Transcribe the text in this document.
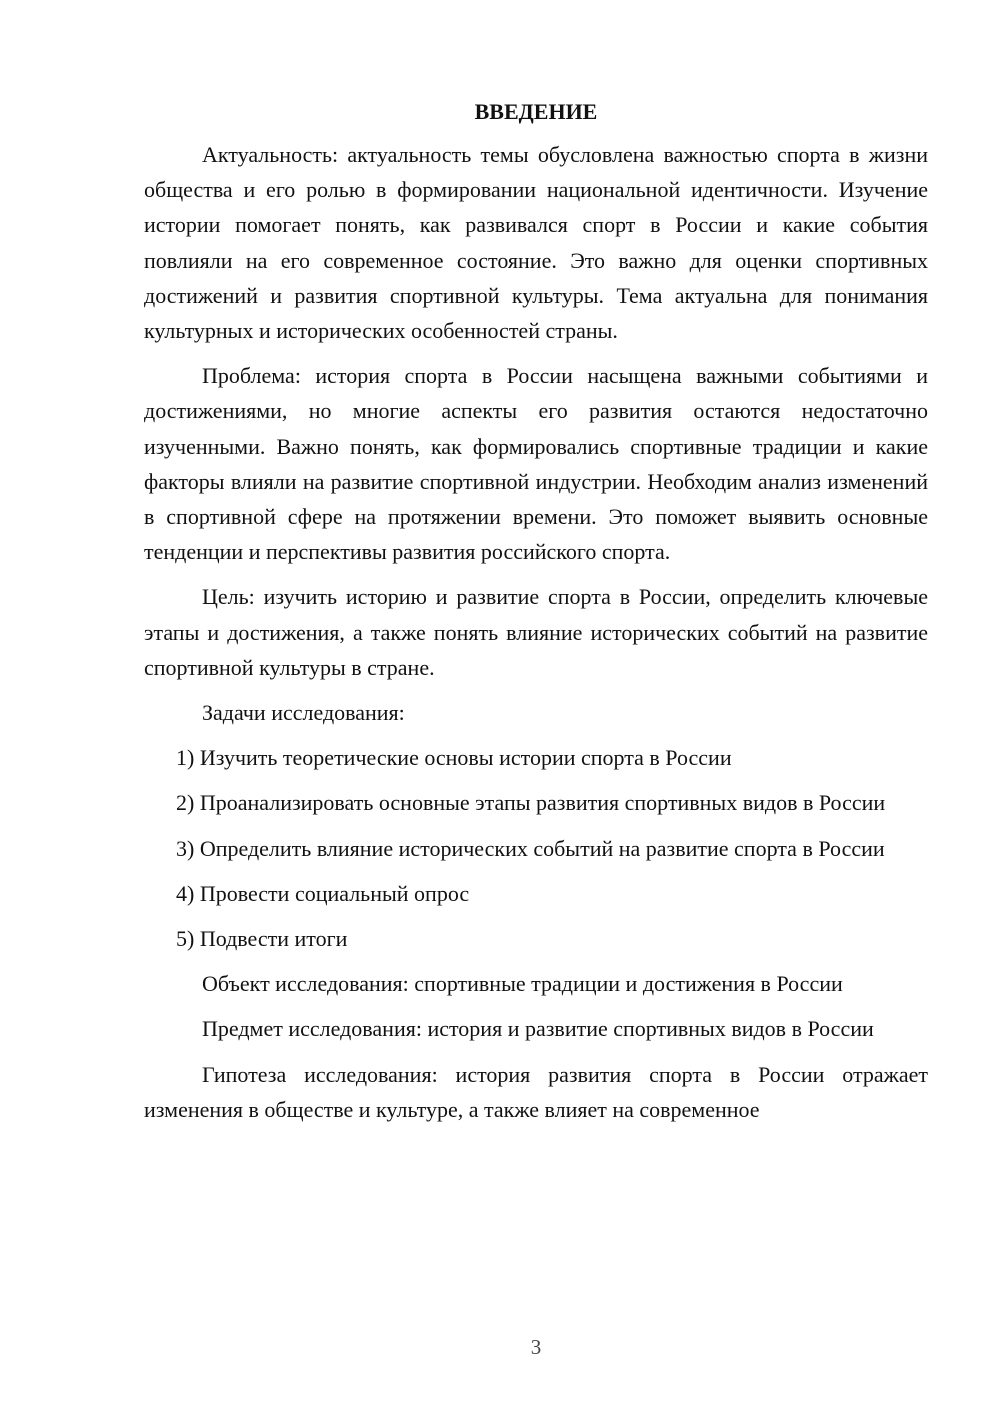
ВВЕДЕНИЕ

Актуальность: актуальность темы обусловлена важностью спорта в жизни общества и его ролью в формировании национальной идентичности. Изучение истории помогает понять, как развивался спорт в России и какие события повлияли на его современное состояние. Это важно для оценки спортивных достижений и развития спортивной культуры. Тема актуальна для понимания культурных и исторических особенностей страны.

Проблема: история спорта в России насыщена важными событиями и достижениями, но многие аспекты его развития остаются недостаточно изученными. Важно понять, как формировались спортивные традиции и какие факторы влияли на развитие спортивной индустрии. Необходим анализ изменений в спортивной сфере на протяжении времени. Это поможет выявить основные тенденции и перспективы развития российского спорта.

Цель: изучить историю и развитие спорта в России, определить ключевые этапы и достижения, а также понять влияние исторических событий на развитие спортивной культуры в стране.

Задачи исследования:

1) Изучить теоретические основы истории спорта в России

2) Проанализировать основные этапы развития спортивных видов в России

3) Определить влияние исторических событий на развитие спорта в России

4) Провести социальный опрос

5) Подвести итоги

Объект исследования: спортивные традиции и достижения в России

Предмет исследования: история и развитие спортивных видов в России

Гипотеза исследования: история развития спорта в России отражает изменения в обществе и культуре, а также влияет на современное

3
